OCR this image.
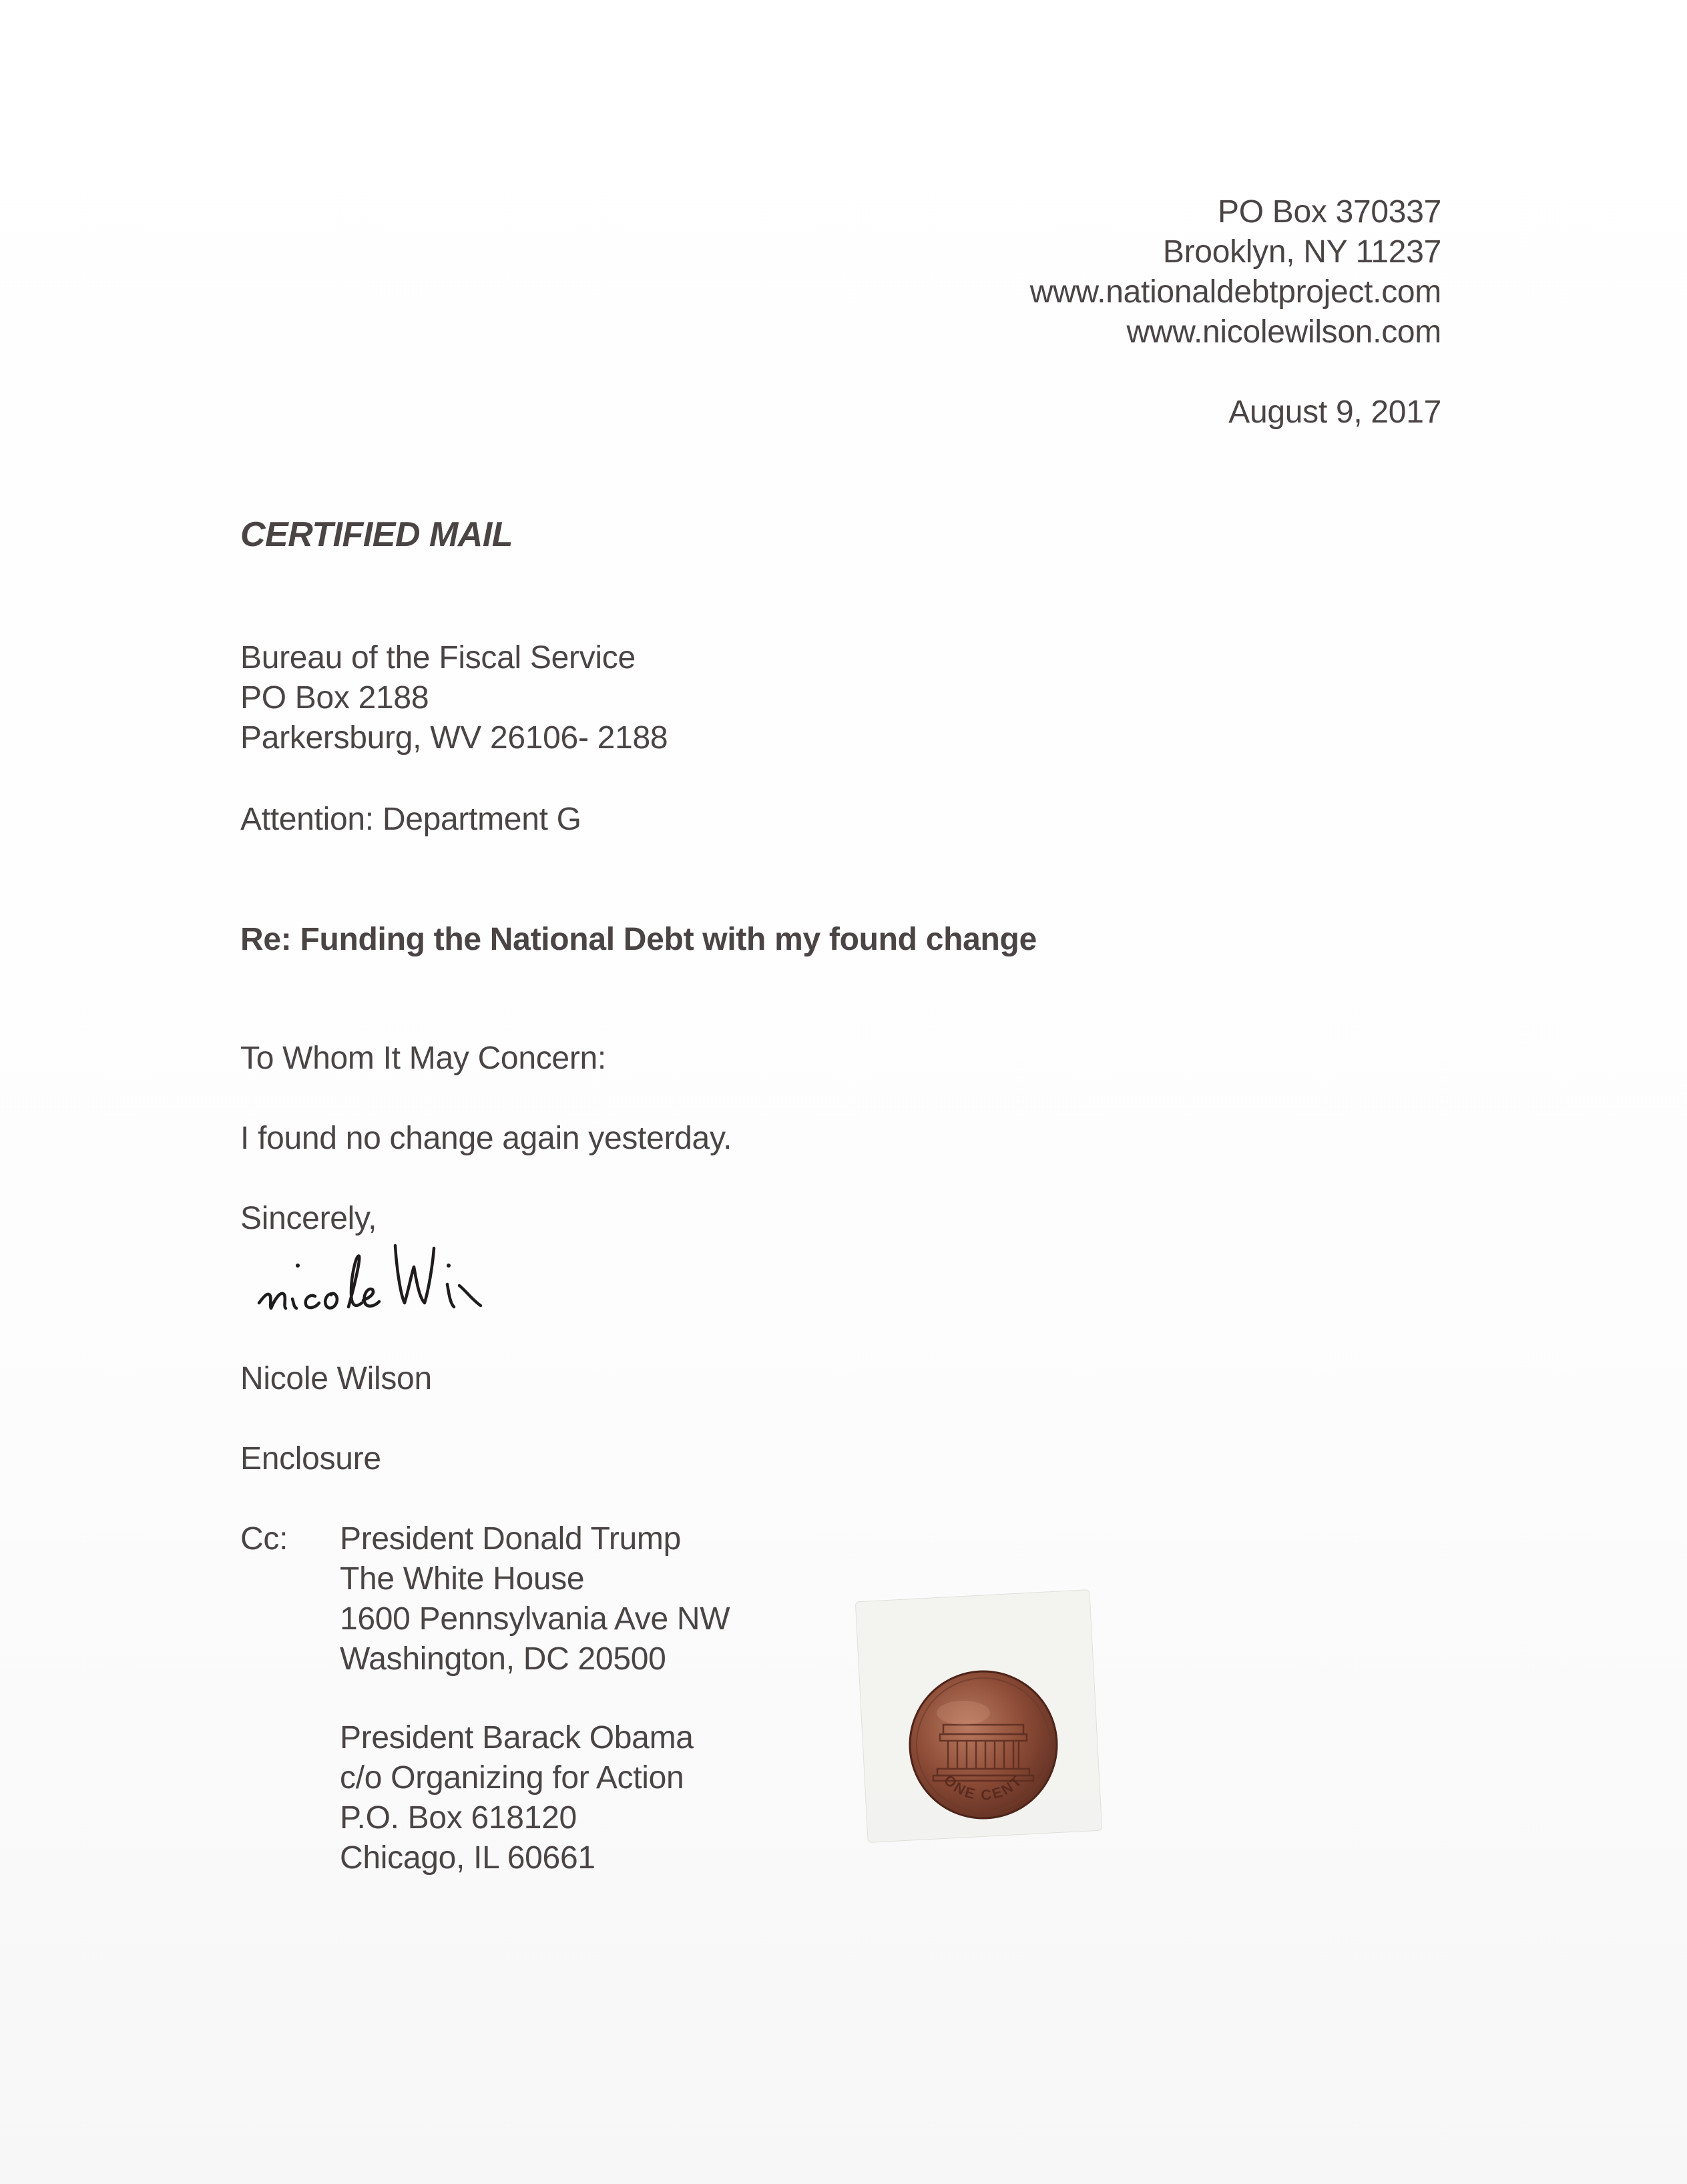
PO Box 370337
Brooklyn, NY 11237
www.nationaldebtproject.com
www.nicolewilson.com
August 9, 2017
CERTIFIED MAIL
Bureau of the Fiscal Service
PO Box 2188
Parkersburg, WV 26106- 2188
Attention: Department G
Re: Funding the National Debt with my found change
To Whom It May Concern:
I found no change again yesterday.
Sincerely,
Nicole Wilson
Enclosure
Cc: President Donald Trump
The White House
1600 Pennsylvania Ave NW
Washington, DC 20500
President Barack Obama
c/o Organizing for Action
P.O. Box 618120
Chicago, IL 60661
ONE CENT
